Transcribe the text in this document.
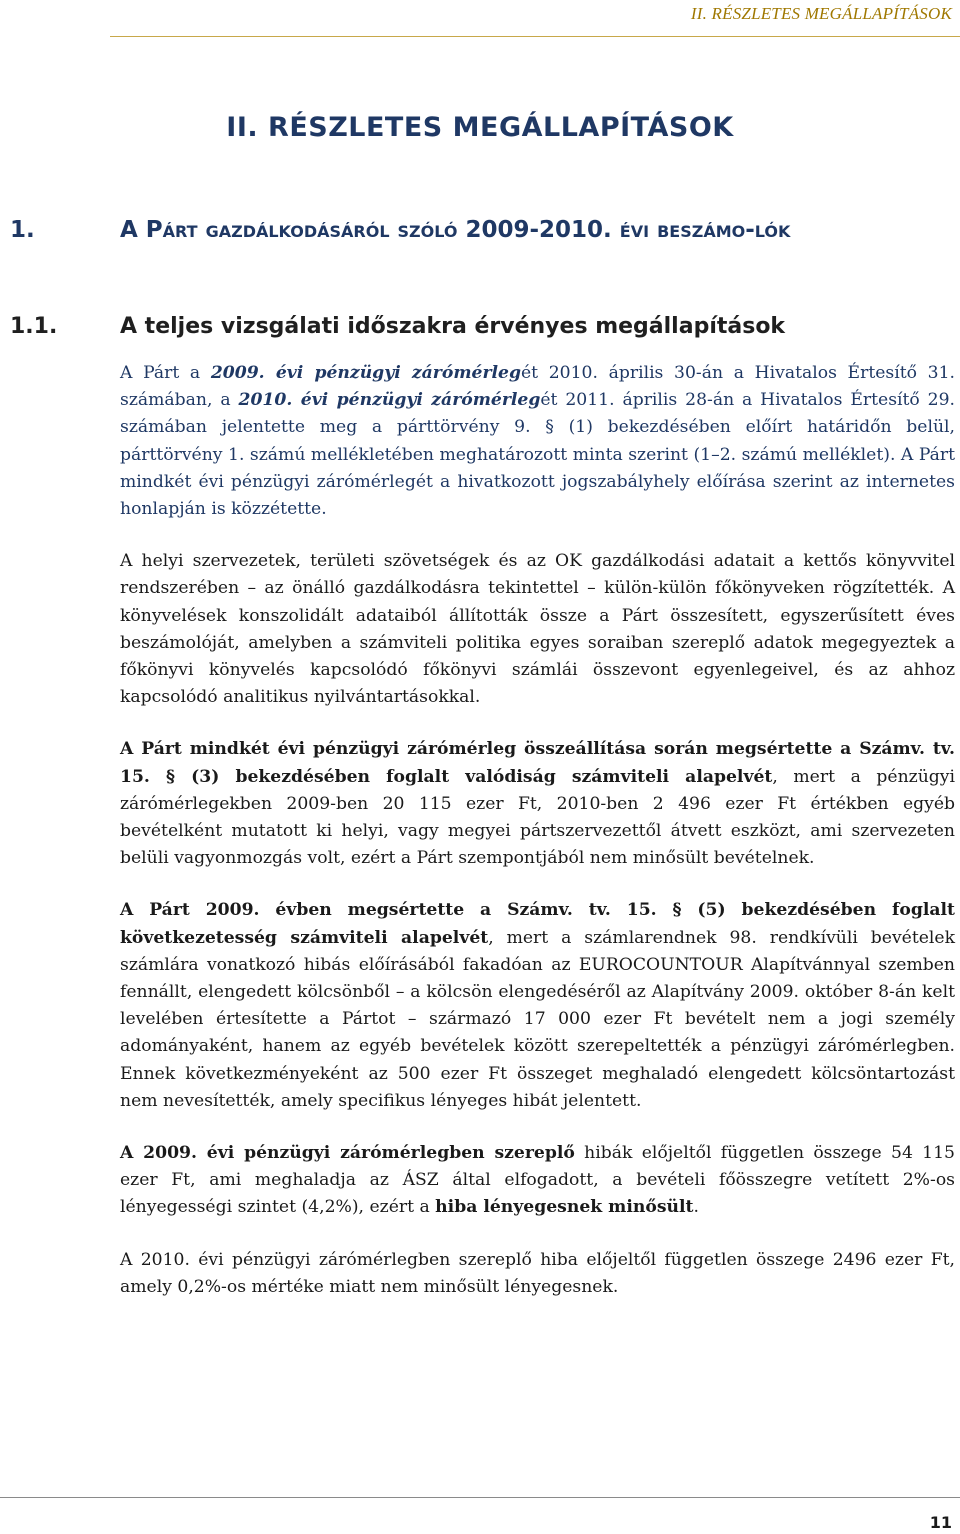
II. RÉSZLETES MEGÁLLAPÍTÁSOK
II. RÉSZLETES MEGÁLLAPÍTÁSOK
1.	A Párt gazdálkodásáról szóló 2009-2010. évi beszámo-lók
1.1.	A teljes vizsgálati időszakra érvényes megállapítások

A Párt a 2009. évi pénzügyi zárómérlegét 2010. április 30-án a Hivatalos Értesítő 31. számában, a 2010. évi pénzügyi zárómérlegét 2011. április 28-án a Hivatalos Értesítő 29. számában jelentette meg a párttörvény 9. § (1) bekezdésében előírt határidőn belül, párttörvény 1. számú mellékletében meghatározott minta szerint (1–2. számú melléklet). A Párt mindkét évi pénzügyi zárómérlegét a hivatkozott jogszabályhely előírása szerint az internetes honlapján is közzétette.

A helyi szervezetek, területi szövetségek és az OK gazdálkodási adatait a kettős könyvvitel rendszerében – az önálló gazdálkodásra tekintettel – külön-külön főkönyveken rögzítették. A könyvelések konszolidált adataiból állították össze a Párt összesített, egyszerűsített éves beszámolóját, amelyben a számviteli politika egyes soraiban szereplő adatok megegyeztek a főkönyvi könyvelés kapcsolódó főkönyvi számlái összevont egyenlegeivel, és az ahhoz kapcsolódó analitikus nyilvántartásokkal.

A Párt mindkét évi pénzügyi zárómérleg összeállítása során megsértette a Számv. tv. 15. § (3) bekezdésében foglalt valódiság számviteli alapelvét, mert a pénzügyi zárómérlegekben 2009-ben 20 115 ezer Ft, 2010-ben 2 496 ezer Ft értékben egyéb bevételként mutatott ki helyi, vagy megyei pártszervezettől átvett eszközt, ami szervezeten belüli vagyonmozgás volt, ezért a Párt szempontjából nem minősült bevételnek.

A Párt 2009. évben megsértette a Számv. tv. 15. § (5) bekezdésében foglalt következetesség számviteli alapelvét, mert a számlarendnek 98. rendkívüli bevételek számlára vonatkozó hibás előírásából fakadóan az EUROCOUNTOUR Alapítvánnyal szemben fennállt, elengedett kölcsönből – a kölcsön elengedéséről az Alapítvány 2009. október 8-án kelt levelében értesítette a Pártot – származó 17 000 ezer Ft bevételt nem a jogi személy adományaként, hanem az egyéb bevételek között szerepeltették a pénzügyi zárómérlegben. Ennek következményeként az 500 ezer Ft összeget meghaladó elengedett kölcsöntartozást nem nevesítették, amely specifikus lényeges hibát jelentett.

A 2009. évi pénzügyi zárómérlegben szereplő hibák előjeltől független összege 54 115 ezer Ft, ami meghaladja az ÁSZ által elfogadott, a bevételi főösszegre vetített 2%-os lényegességi szintet (4,2%), ezért a hiba lényegesnek minősült.

A 2010. évi pénzügyi zárómérlegben szereplő hiba előjeltől független összege 2496 ezer Ft, amely 0,2%-os mértéke miatt nem minősült lényegesnek.

11
